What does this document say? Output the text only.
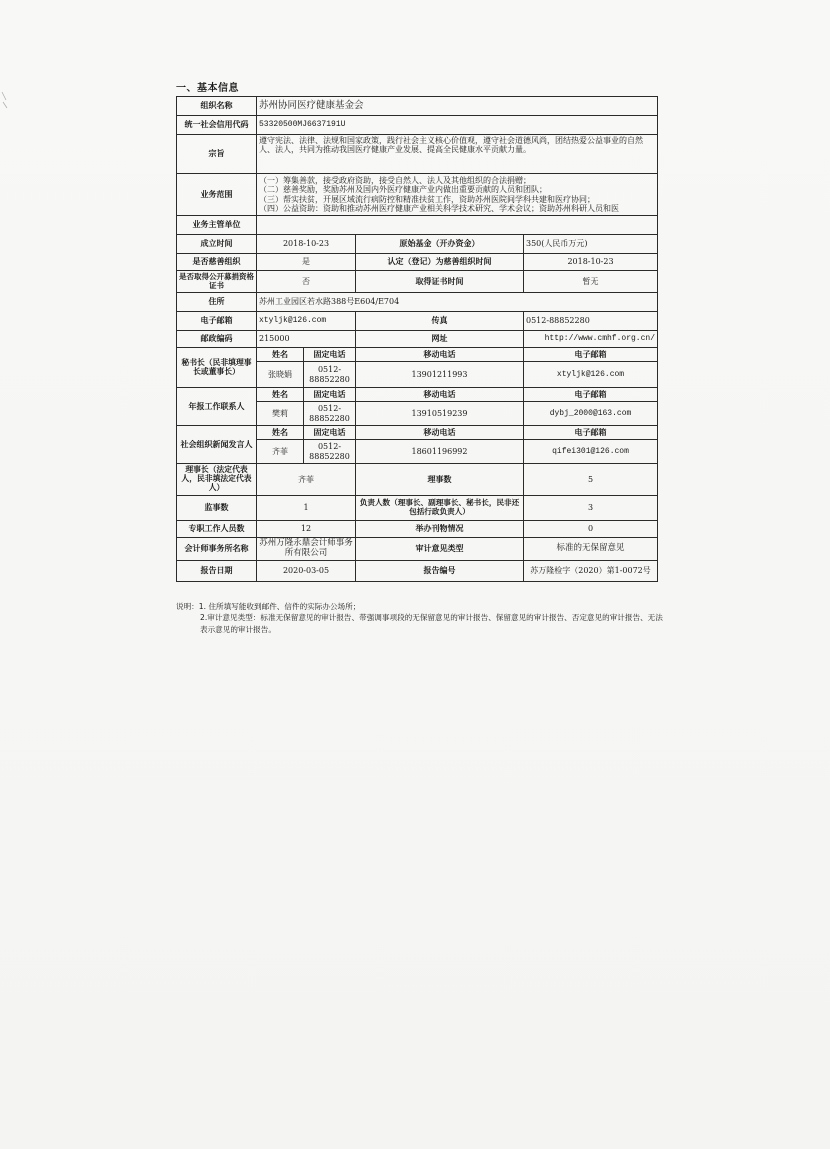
一、基本信息
组织名称	苏州协同医疗健康基金会			
统一社会信用代码	53320500MJ6637191U			
宗旨	遵守宪法、法律、法规和国家政策，践行社会主义核心价值观，遵守社会道德风尚，团结热爱公益事业的自然人、法人，共同为推动我国医疗健康产业发展、提高全民健康水平贡献力量。			
业务范围	（一）筹集善款，接受政府资助，接受自然人、法人及其他组织的合法捐赠；
（二）慈善奖励，奖励苏州及国内外医疗健康产业内做出重要贡献的人员和团队；
（三）帮实扶贫，开展区域流行病防控和精准扶贫工作，资助苏州医院间学科共建和医疗协同；
（四）公益资助：资助和推动苏州医疗健康产业相关科学技术研究、学术会议；资助苏州科研人员和医			

业务主管单位				
成立时间	2018-10-23		原始基金（开办资金）	350(人民币万元)
是否慈善组织	是		认定（登记）为慈善组织时间	2018-10-23
是否取得公开募捐资格证书	否		取得证书时间	暂无
住所	苏州工业园区若水路388号E604/E704			
电子邮箱	xtyljk@126.com		传真	0512-88852280
邮政编码	215000		网址	http://www.cmhf.org.cn/
秘书长（民非填理事长或董事长）	姓名	固定电话	移动电话	电子邮箱
	张晓娟	0512-88852280	13901211993	xtyljk@126.com
年报工作联系人	姓名	固定电话	移动电话	电子邮箱
	樊莉	0512-88852280	13910519239	dybj_2000@163.com
社会组织新闻发言人	姓名	固定电话	移动电话	电子邮箱
	齐菲	0512-88852280	18601196992	qifei301@126.com
理事长（法定代表人，民非填法定代表人）	齐菲		理事数	5
监事数	1		负责人数（理事长、副理事长、秘书长，民非还包括行政负责人）	3
专职工作人员数	12		举办刊物情况	0
会计师事务所名称	苏州万隆永鼎会计师事务所有限公司		审计意见类型	标准的无保留意见
报告日期	2020-03-05		报告编号	苏万隆检字（2020）第1-0072号
说明：1. 住所填写能收到邮件、信件的实际办公场所；
2.审计意见类型：标准无保留意见的审计报告、带强调事项段的无保留意见的审计报告、保留意见的审计报告、否定意见的审计报告、无法表示意见的审计报告。
